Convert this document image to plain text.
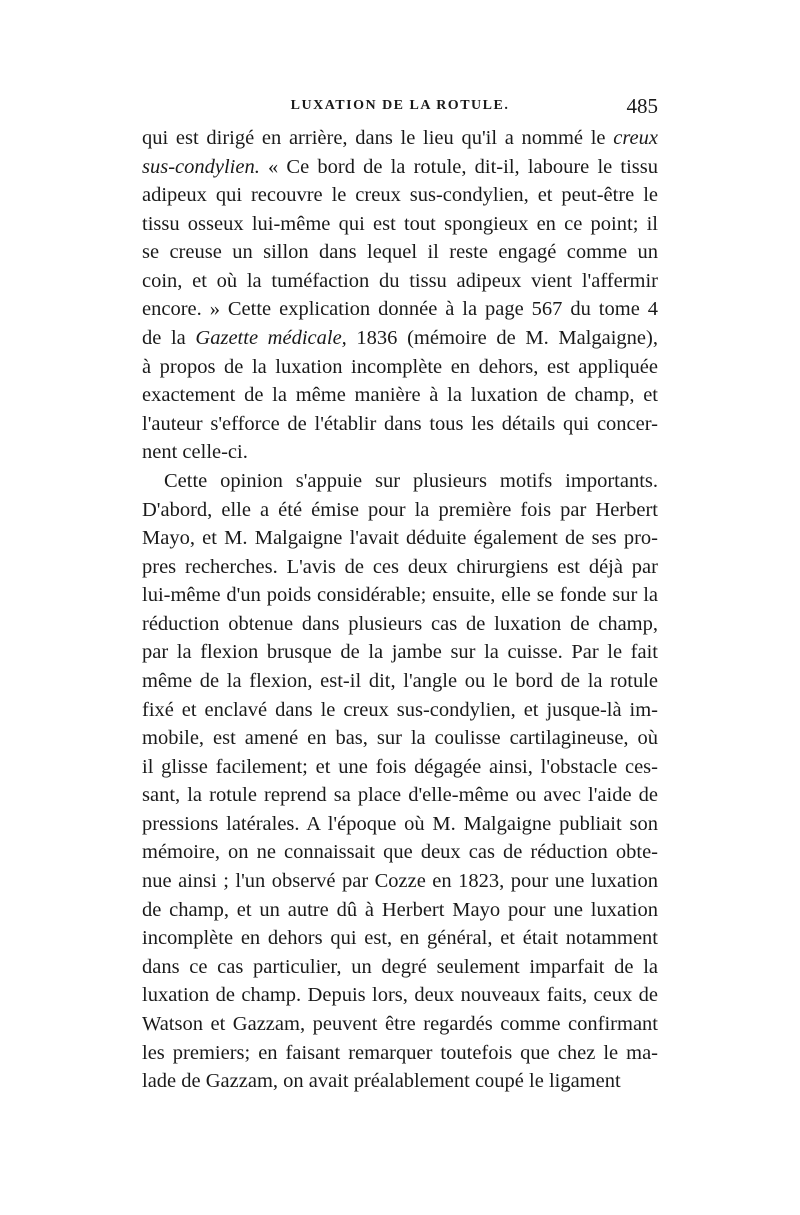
LUXATION DE LA ROTULE.	485
qui est dirigé en arrière, dans le lieu qu'il a nommé le creux
sus-condylien. « Ce bord de la rotule, dit-il, laboure le tissu
adipeux qui recouvre le creux sus-condylien, et peut-être le
tissu osseux lui-même qui est tout spongieux en ce point; il
se creuse un sillon dans lequel il reste engagé comme un
coin, et où la tuméfaction du tissu adipeux vient l'affermir
encore. » Cette explication donnée à la page 567 du tome 4
de la Gazette médicale, 1836 (mémoire de M. Malgaigne),
à propos de la luxation incomplète en dehors, est appliquée
exactement de la même manière à la luxation de champ, et
l'auteur s'efforce de l'établir dans tous les détails qui concer-
nent celle-ci.
Cette opinion s'appuie sur plusieurs motifs importants.
D'abord, elle a été émise pour la première fois par Herbert
Mayo, et M. Malgaigne l'avait déduite également de ses pro-
pres recherches. L'avis de ces deux chirurgiens est déjà par
lui-même d'un poids considérable; ensuite, elle se fonde sur la
réduction obtenue dans plusieurs cas de luxation de champ,
par la flexion brusque de la jambe sur la cuisse. Par le fait
même de la flexion, est-il dit, l'angle ou le bord de la rotule
fixé et enclavé dans le creux sus-condylien, et jusque-là im-
mobile, est amené en bas, sur la coulisse cartilagineuse, où
il glisse facilement; et une fois dégagée ainsi, l'obstacle ces-
sant, la rotule reprend sa place d'elle-même ou avec l'aide de
pressions latérales. A l'époque où M. Malgaigne publiait son
mémoire, on ne connaissait que deux cas de réduction obte-
nue ainsi ; l'un observé par Cozze en 1823, pour une luxation
de champ, et un autre dû à Herbert Mayo pour une luxation
incomplète en dehors qui est, en général, et était notamment
dans ce cas particulier, un degré seulement imparfait de la
luxation de champ. Depuis lors, deux nouveaux faits, ceux de
Watson et Gazzam, peuvent être regardés comme confirmant
les premiers; en faisant remarquer toutefois que chez le ma-
lade de Gazzam, on avait préalablement coupé le ligament
